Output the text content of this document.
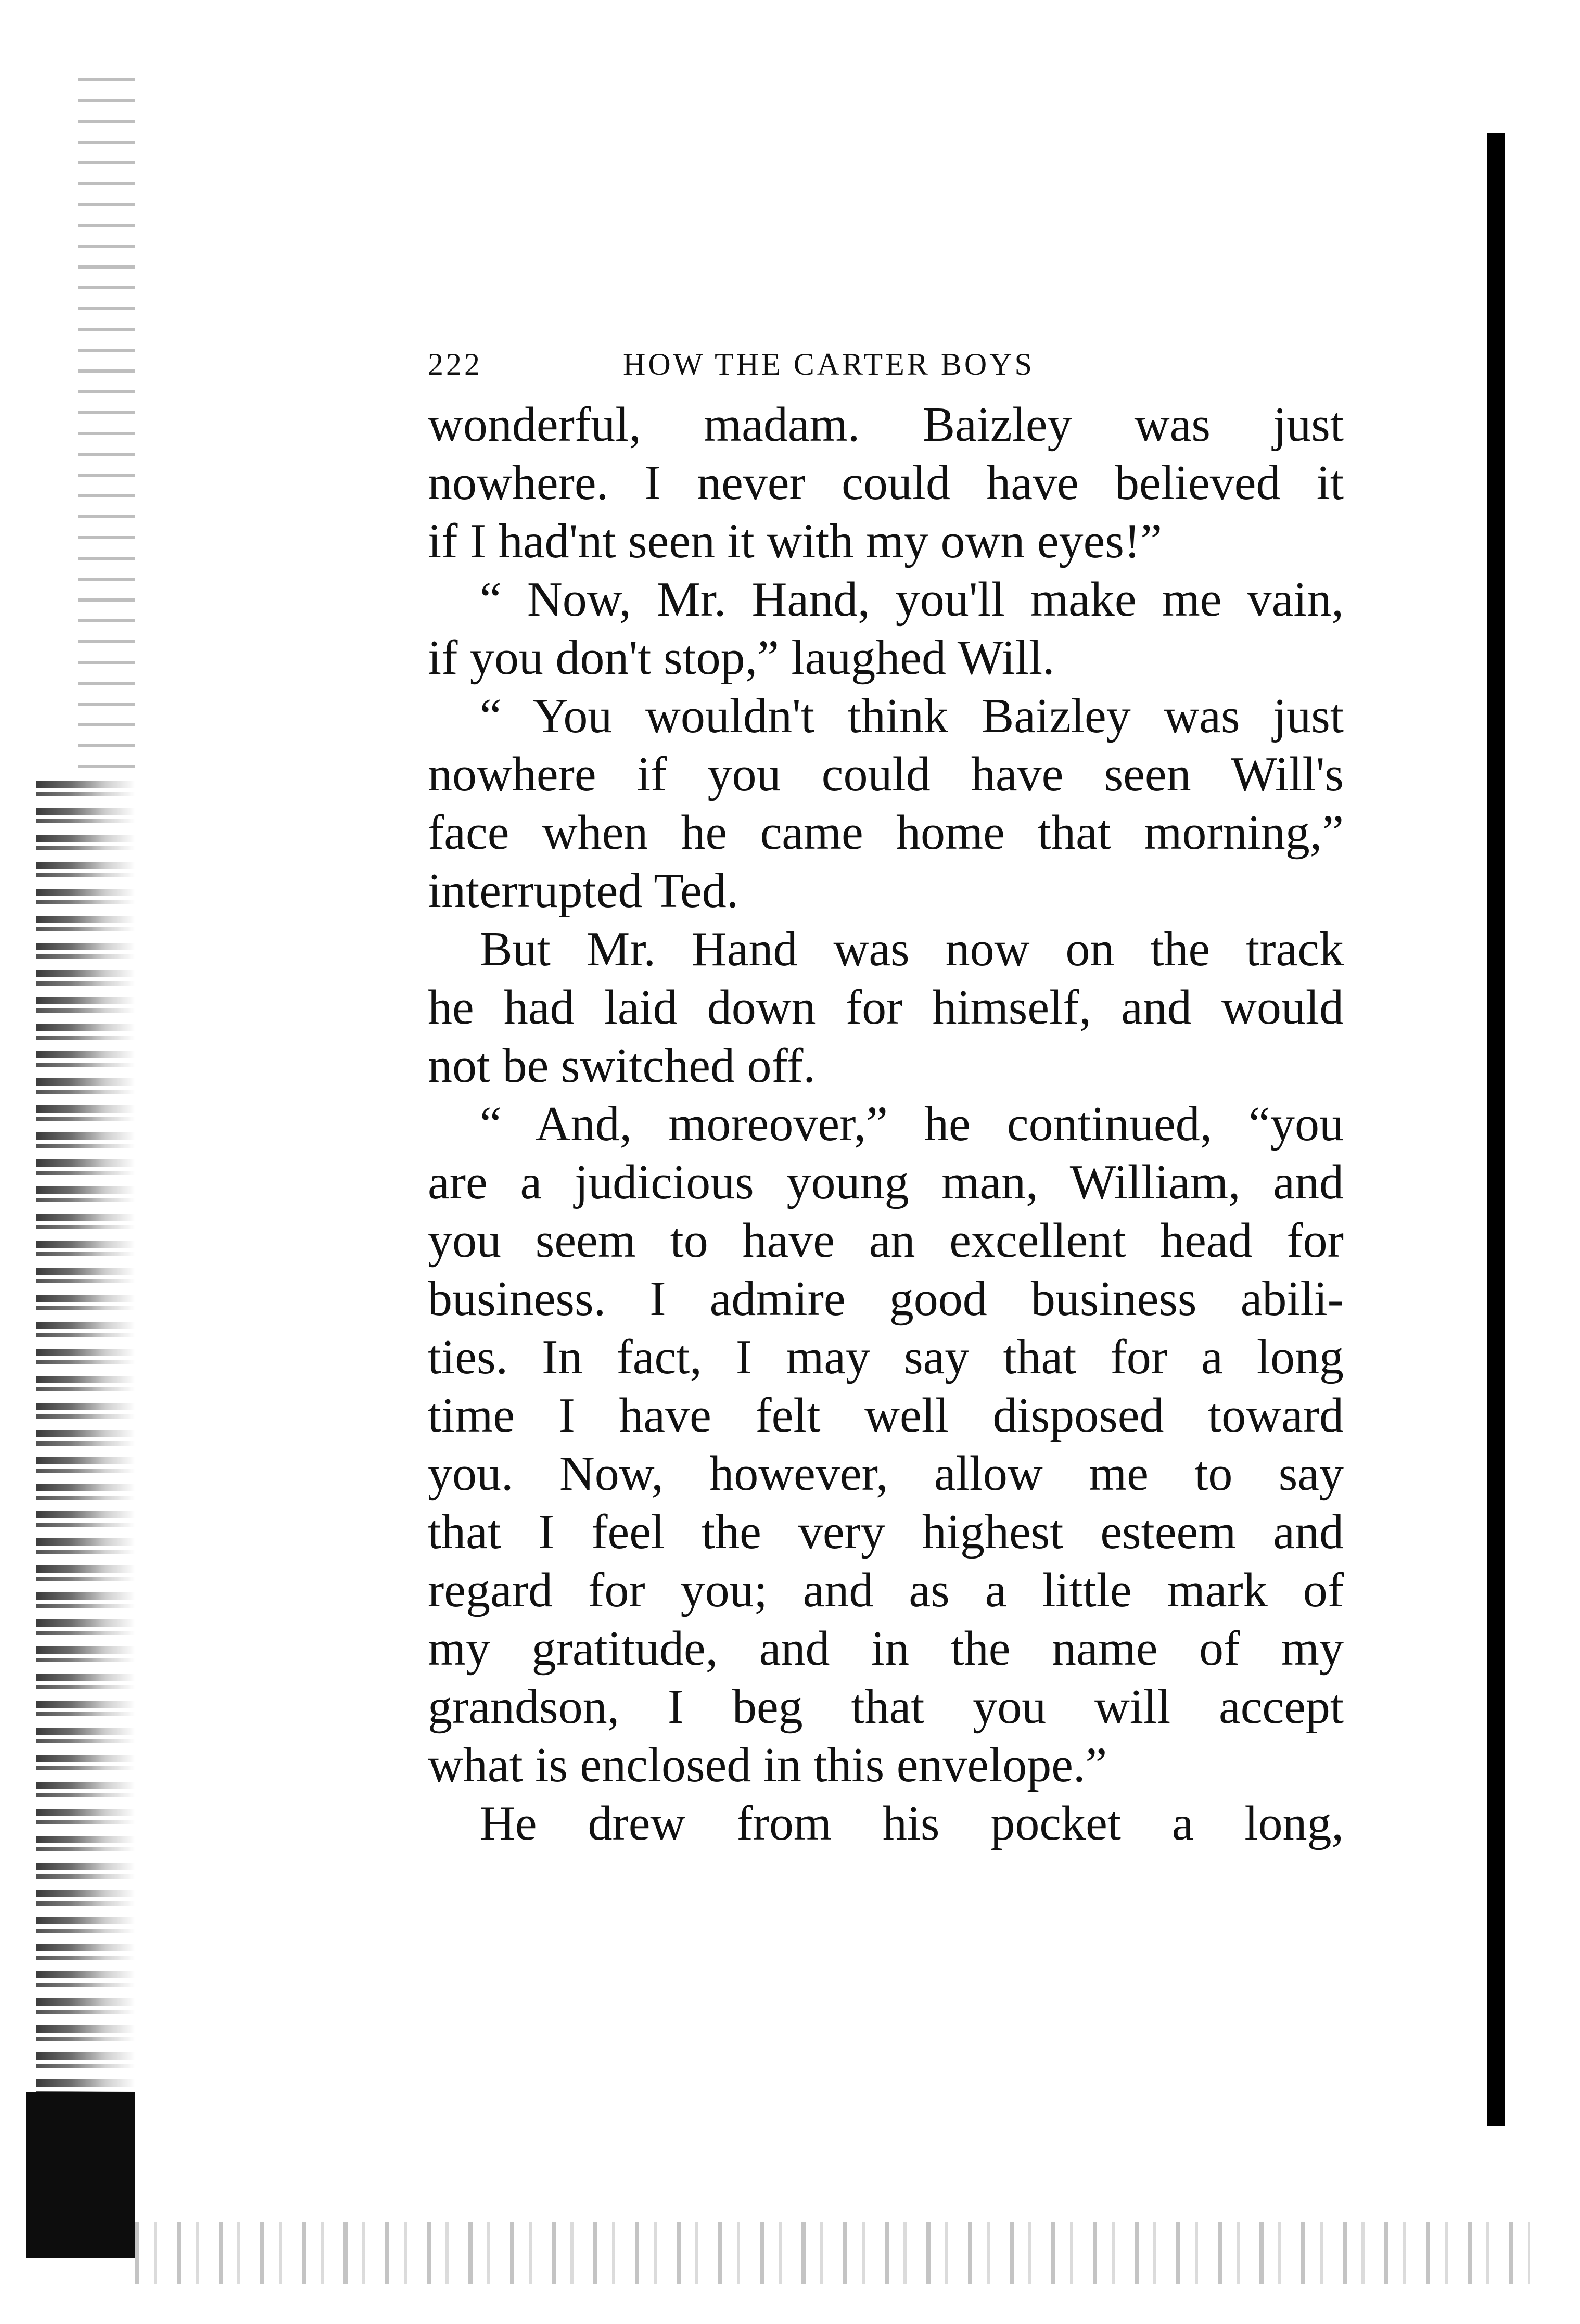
222	HOW THE CARTER BOYS
wonderful, madam. Baizley was just
nowhere. I never could have believed it
if I had'nt seen it with my own eyes!”
“ Now, Mr. Hand, you'll make me vain,
if you don't stop,” laughed Will.
“ You wouldn't think Baizley was just
nowhere if you could have seen Will's
face when he came home that morning,”
interrupted Ted.
But Mr. Hand was now on the track
he had laid down for himself, and would
not be switched off.
“ And, moreover,” he continued, “you
are a judicious young man, William, and
you seem to have an excellent head for
business. I admire good business abili-
ties. In fact, I may say that for a long
time I have felt well disposed toward
you. Now, however, allow me to say
that I feel the very highest esteem and
regard for you; and as a little mark of
my gratitude, and in the name of my
grandson, I beg that you will accept
what is enclosed in this envelope.”
He drew from his pocket a long,
